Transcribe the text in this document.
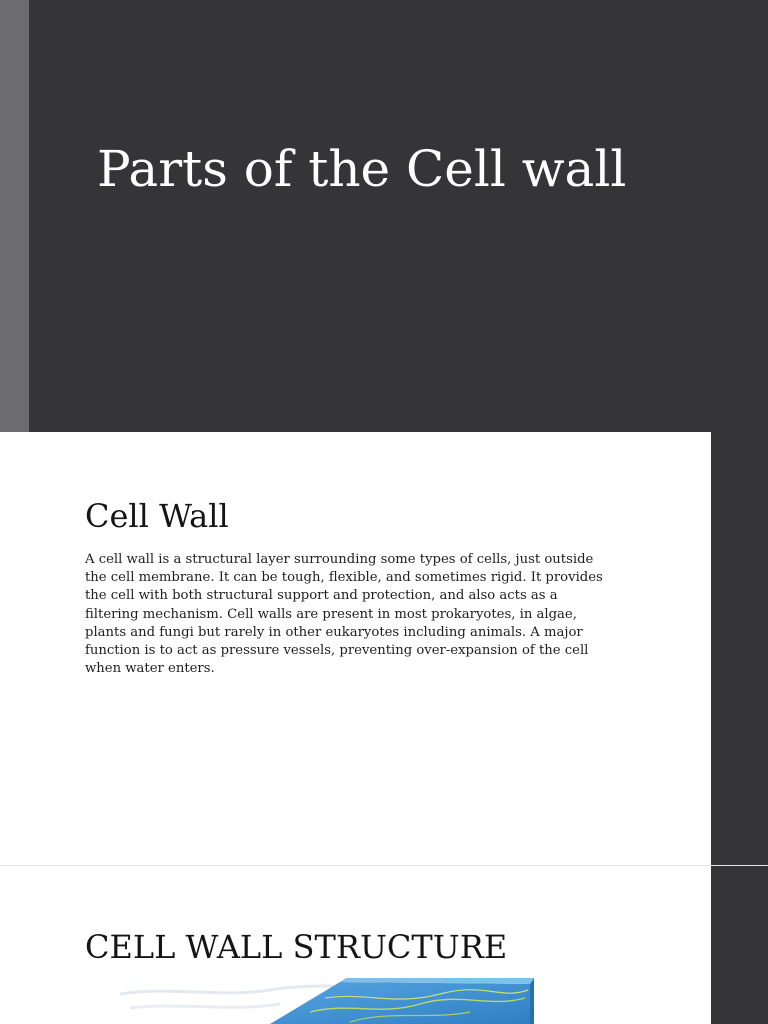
Parts of the Cell wall
Cell Wall
A cell wall is a structural layer surrounding some types of cells, just outside the cell membrane. It can be tough, flexible, and sometimes rigid. It provides the cell with both structural support and protection, and also acts as a filtering mechanism. Cell walls are present in most prokaryotes, in algae, plants and fungi but rarely in other eukaryotes including animals. A major function is to act as pressure vessels, preventing over-expansion of the cell when water enters.
CELL WALL STRUCTURE
